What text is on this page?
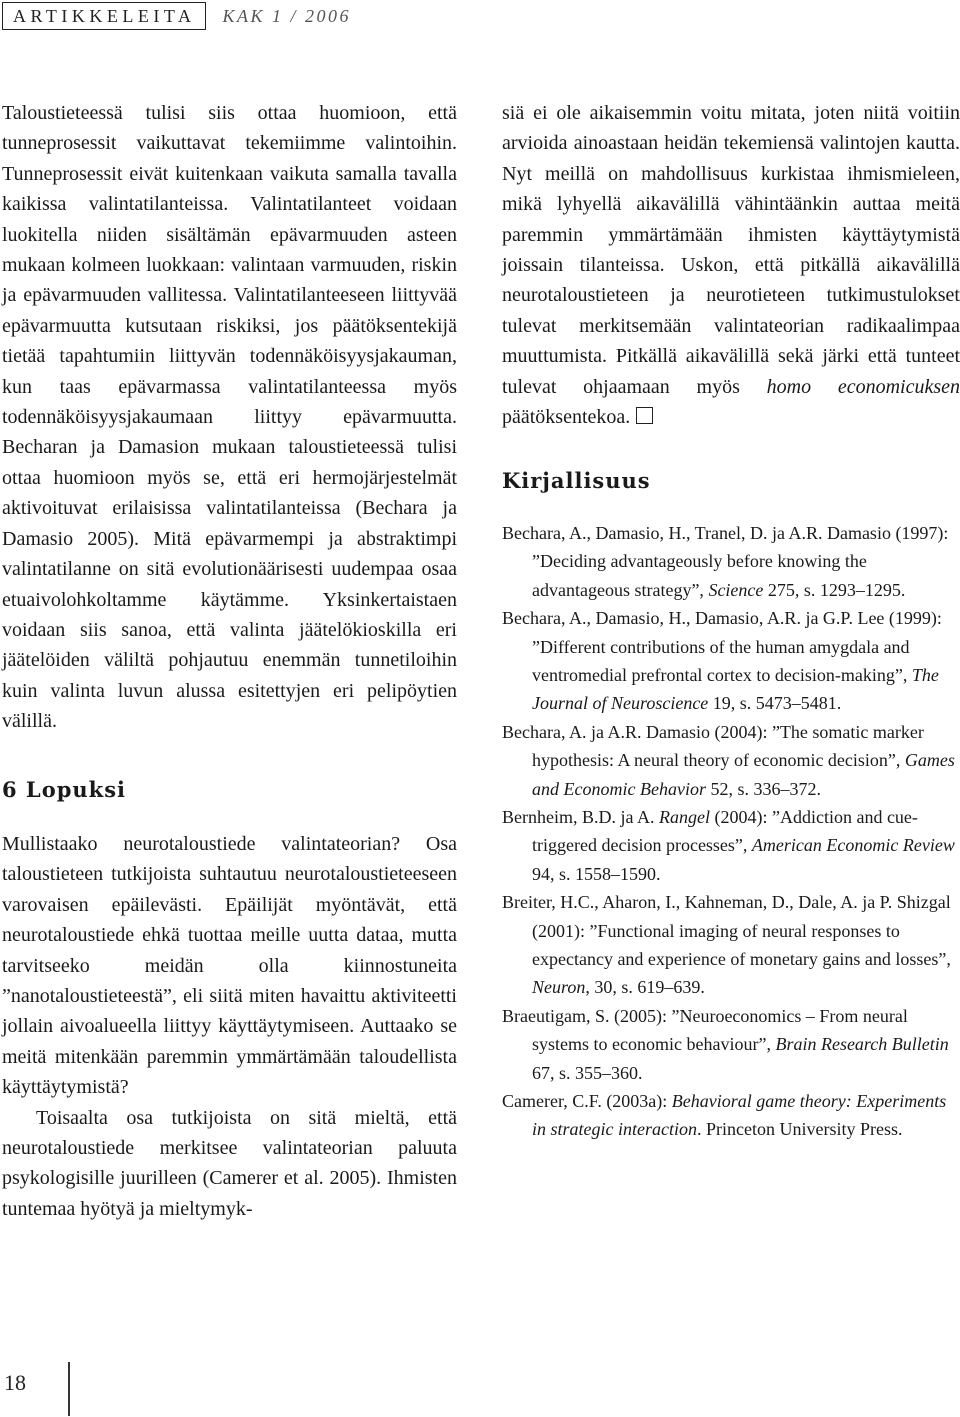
ARTIKKELEITA	KAK 1 / 2006

Taloustieteessä tulisi siis ottaa huomioon, että tunneprosessit vaikuttavat tekemiimme valintoihin. Tunneprosessit eivät kuitenkaan vaikuta samalla tavalla kaikissa valintatilanteissa. Valintatilanteet voidaan luokitella niiden sisältämän epävarmuuden asteen mukaan kolmeen luokkaan: valintaan varmuuden, riskin ja epävarmuuden vallitessa. Valintatilanteeseen liittyvää epävarmuutta kutsutaan riskiksi, jos päätöksentekijä tietää tapahtumiin liittyvän todennäköisyysjakauman, kun taas epävarmassa valintatilanteessa myös todennäköisyysjakaumaan liittyy epävarmuutta. Becharan ja Damasion mukaan taloustieteessä tulisi ottaa huomioon myös se, että eri hermojärjestelmät aktivoituvat erilaisissa valintatilanteissa (Bechara ja Damasio 2005). Mitä epävarmempi ja abstraktimpi valintatilanne on sitä evolutionäärisesti uudempaa osaa etuaivolohkoltamme käytämme. Yksinkertaistaen voidaan siis sanoa, että valinta jäätelökioskilla eri jäätelöiden väliltä pohjautuu enemmän tunnetiloihin kuin valinta luvun alussa esitettyjen eri pelipöytien välillä.

6 Lopuksi

Mullistaako neurotaloustiede valintateorian? Osa taloustieteen tutkijoista suhtautuu neurotaloustieteeseen varovaisen epäilevästi. Epäilijät myöntävät, että neurotaloustiede ehkä tuottaa meille uutta dataa, mutta tarvitseeko meidän olla kiinnostuneita ”nanotaloustieteestä”, eli siitä miten havaittu aktiviteetti jollain aivoalueella liittyy käyttäytymiseen. Auttaako se meitä mitenkään paremmin ymmärtämään taloudellista käyttäytymistä?

Toisaalta osa tutkijoista on sitä mieltä, että neurotaloustiede merkitsee valintateorian paluuta psykologisille juurilleen (Camerer et al. 2005). Ihmisten tuntemaa hyötyä ja mieltymyk-

siä ei ole aikaisemmin voitu mitata, joten niitä voitiin arvioida ainoastaan heidän tekemiensä valintojen kautta. Nyt meillä on mahdollisuus kurkistaa ihmismieleen, mikä lyhyellä aikavälillä vähintäänkin auttaa meitä paremmin ymmärtämään ihmisten käyttäytymistä joissain tilanteissa. Uskon, että pitkällä aikavälillä neurotaloustieteen ja neurotieteen tutkimustulokset tulevat merkitsemään valintateorian radikaalimpaa muuttumista. Pitkällä aikavälillä sekä järki että tunteet tulevat ohjaamaan myös homo economicuksen päätöksentekoa.

Kirjallisuus

Bechara, A., Damasio, H., Tranel, D. ja A.R. Damasio (1997): ”Deciding advantageously before knowing the advantageous strategy”, Science 275, s. 1293–1295.

Bechara, A., Damasio, H., Damasio, A.R. ja G.P. Lee (1999): ”Different contributions of the human amygdala and ventromedial prefrontal cortex to decision-making”, The Journal of Neuroscience 19, s. 5473–5481.

Bechara, A. ja A.R. Damasio (2004): ”The somatic marker hypothesis: A neural theory of economic decision”, Games and Economic Behavior 52, s. 336–372.

Bernheim, B.D. ja A. Rangel (2004): ”Addiction and cue-triggered decision processes”, American Economic Review 94, s. 1558–1590.

Breiter, H.C., Aharon, I., Kahneman, D., Dale, A. ja P. Shizgal (2001): ”Functional imaging of neural responses to expectancy and experience of monetary gains and losses”, Neuron, 30, s. 619–639.

Braeutigam, S. (2005): ”Neuroeconomics – From neural systems to economic behaviour”, Brain Research Bulletin 67, s. 355–360.

Camerer, C.F. (2003a): Behavioral game theory: Experiments in strategic interaction. Princeton University Press.

18
